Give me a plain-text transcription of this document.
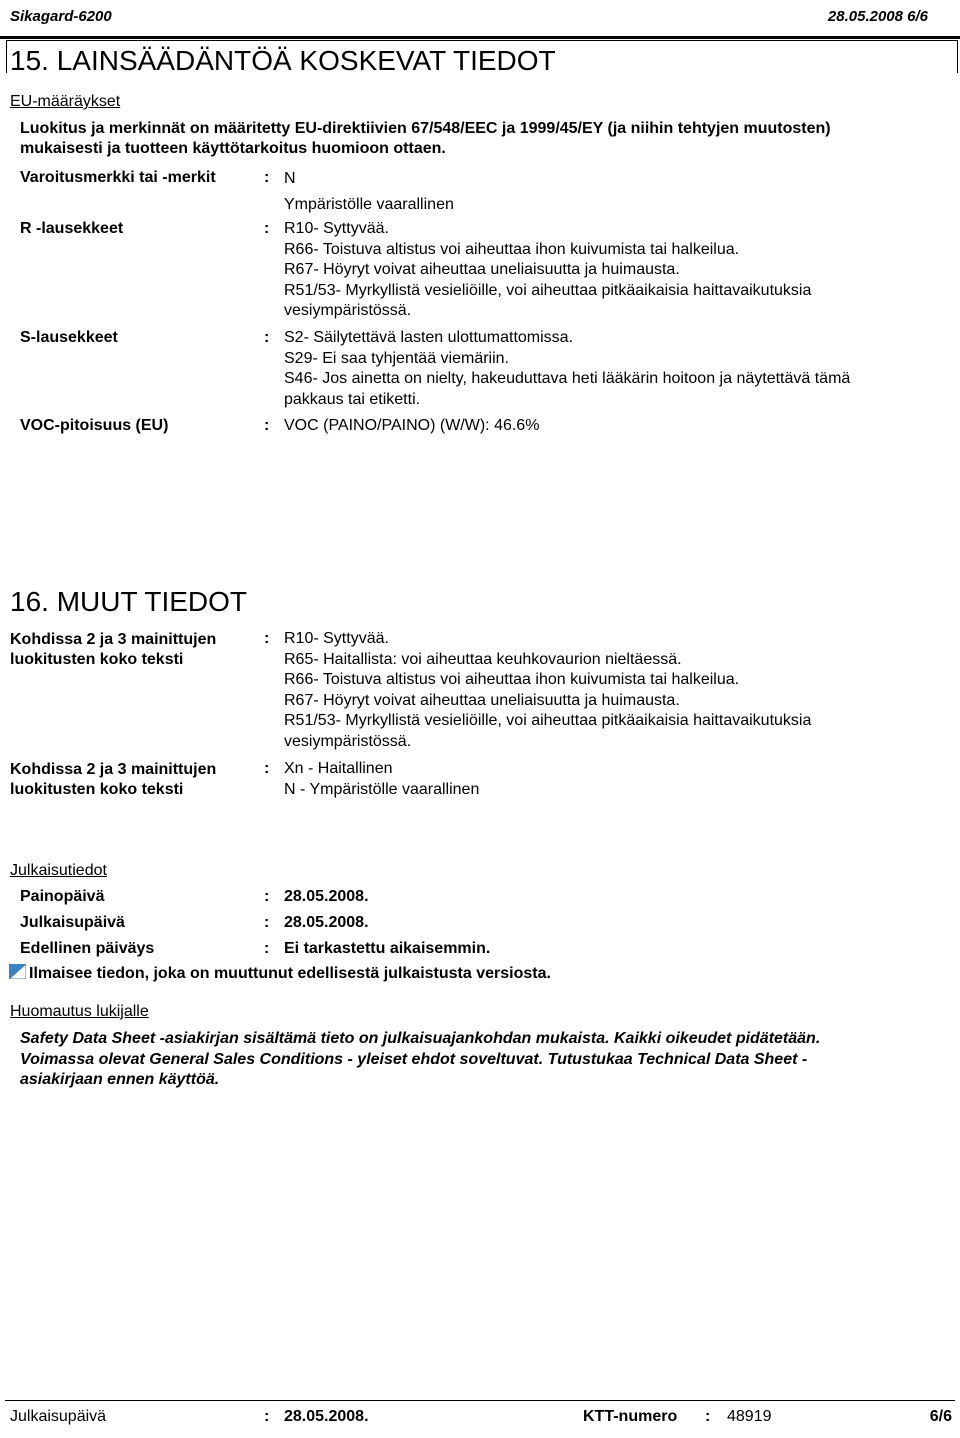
Sikagard-6200	28.05.2008 6/6
15. LAINSÄÄDÄNTÖÄ KOSKEVAT TIEDOT
EU-määräykset
Luokitus ja merkinnät on määritetty EU-direktiivien 67/548/EEC ja 1999/45/EY (ja niihin tehtyjen muutosten)
mukaisesti ja tuotteen käyttötarkoitus huomioon ottaen.
Varoitusmerkki tai -merkit	: N
Ympäristölle vaarallinen
R -lausekkeet	: R10- Syttyvää.
R66- Toistuva altistus voi aiheuttaa ihon kuivumista tai halkeilua.
R67- Höyryt voivat aiheuttaa uneliaisuutta ja huimausta.
R51/53- Myrkyllistä vesieliöille, voi aiheuttaa pitkäaikaisia haittavaikutuksia
vesiympäristössä.
S-lausekkeet	: S2- Säilytettävä lasten ulottumattomissa.
S29- Ei saa tyhjentää viemäriin.
S46- Jos ainetta on nielty, hakeuduttava heti lääkärin hoitoon ja näytettävä tämä
pakkaus tai etiketti.
VOC-pitoisuus (EU)	: VOC (PAINO/PAINO) (W/W): 46.6%
16. MUUT TIEDOT
Kohdissa 2 ja 3 mainittujen
luokitusten koko teksti
: R10- Syttyvää.
R65- Haitallista: voi aiheuttaa keuhkovaurion nieltäessä.
R66- Toistuva altistus voi aiheuttaa ihon kuivumista tai halkeilua.
R67- Höyryt voivat aiheuttaa uneliaisuutta ja huimausta.
R51/53- Myrkyllistä vesieliöille, voi aiheuttaa pitkäaikaisia haittavaikutuksia
vesiympäristössä.
Kohdissa 2 ja 3 mainittujen
luokitusten koko teksti
: Xn - Haitallinen
N - Ympäristölle vaarallinen
Julkaisutiedot
Painopäivä	: 28.05.2008.
Julkaisupäivä	: 28.05.2008.
Edellinen päiväys	: Ei tarkastettu aikaisemmin.
Ilmaisee tiedon, joka on muuttunut edellisestä julkaistusta versiosta.
Huomautus lukijalle
Safety Data Sheet -asiakirjan sisältämä tieto on julkaisuajankohdan mukaista. Kaikki oikeudet pidätetään.
Voimassa olevat General Sales Conditions - yleiset ehdot soveltuvat. Tutustukaa Technical Data Sheet -
asiakirjaan ennen käyttöä.
Julkaisupäivä	: 28.05.2008.	KTT-numero : 48919	6/6
